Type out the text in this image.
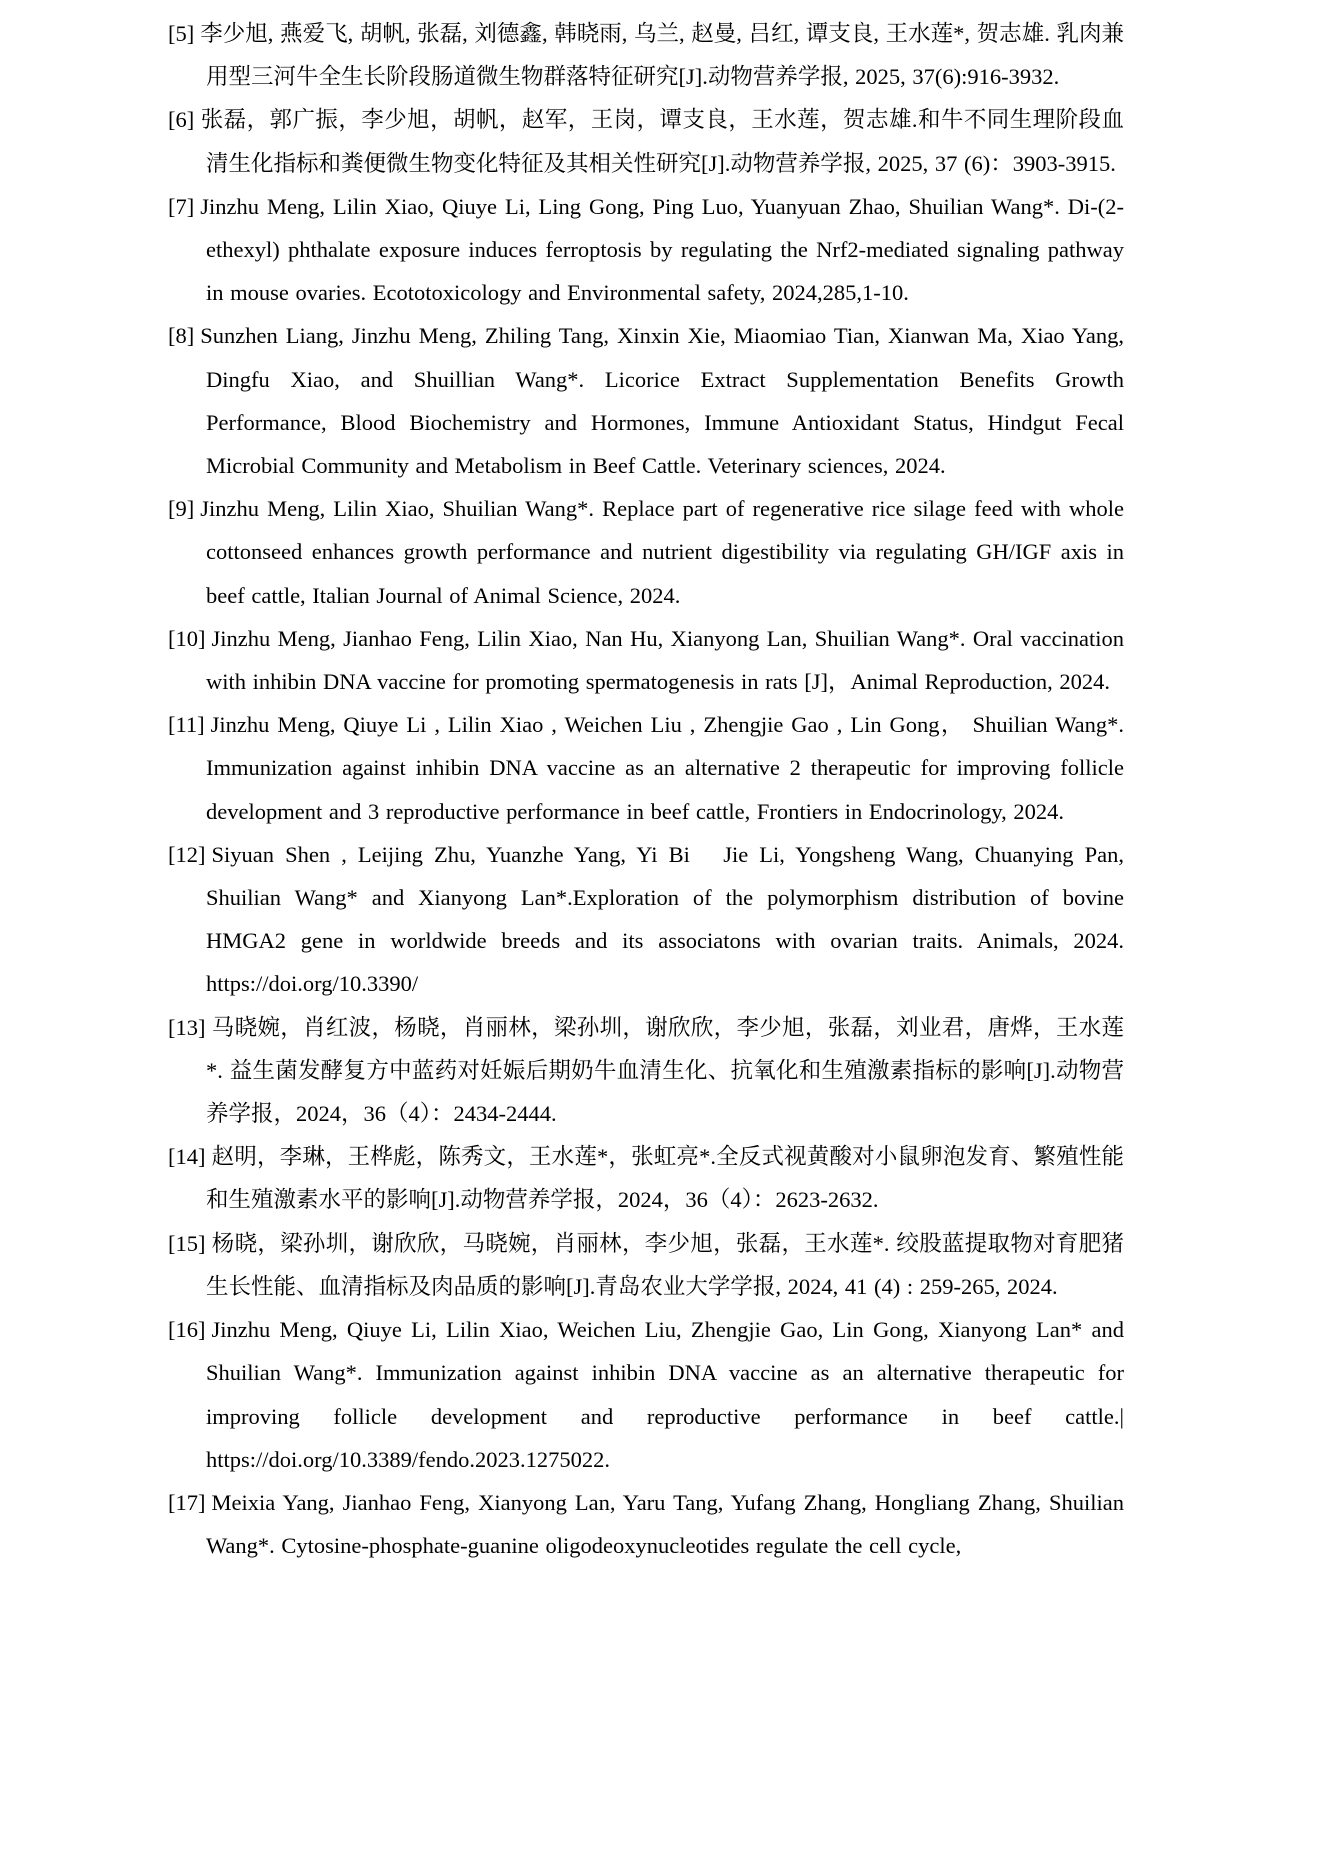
[5] 李少旭, 燕爱飞, 胡帆, 张磊, 刘德鑫, 韩晓雨, 乌兰, 赵曼, 吕红, 谭支良, 王水莲*, 贺志雄. 乳肉兼用型三河牛全生长阶段肠道微生物群落特征研究[J].动物营养学报, 2025, 37(6):916-3932.

[6] 张磊，郭广振，李少旭，胡帆，赵军，王岗，谭支良，王水莲，贺志雄.和牛不同生理阶段血清生化指标和粪便微生物变化特征及其相关性研究[J].动物营养学报, 2025, 37 (6)：3903-3915.

[7] Jinzhu Meng, Lilin Xiao, Qiuye Li, Ling Gong, Ping Luo, Yuanyuan Zhao, Shuilian Wang*. Di-(2-ethexyl) phthalate exposure induces ferroptosis by regulating the Nrf2-mediated signaling pathway in mouse ovaries. Ecototoxicology and Environmental safety, 2024,285,1-10.

[8] Sunzhen Liang, Jinzhu Meng, Zhiling Tang, Xinxin Xie, Miaomiao Tian, Xianwan Ma, Xiao Yang, Dingfu Xiao, and Shuillian Wang*. Licorice Extract Supplementation Benefits Growth Performance, Blood Biochemistry and Hormones, Immune Antioxidant Status, Hindgut Fecal Microbial Community and Metabolism in Beef Cattle. Veterinary sciences, 2024.

[9] Jinzhu Meng, Lilin Xiao, Shuilian Wang*. Replace part of regenerative rice silage feed with whole cottonseed enhances growth performance and nutrient digestibility via regulating GH/IGF axis in beef cattle, Italian Journal of Animal Science, 2024.

[10] Jinzhu Meng, Jianhao Feng, Lilin Xiao, Nan Hu, Xianyong Lan, Shuilian Wang*. Oral vaccination with inhibin DNA vaccine for promoting spermatogenesis in rats [J]，Animal Reproduction, 2024.

[11] Jinzhu Meng, Qiuye Li , Lilin Xiao , Weichen Liu , Zhengjie Gao , Lin Gong， Shuilian Wang*. Immunization against inhibin DNA vaccine as an alternative 2 therapeutic for improving follicle development and 3 reproductive performance in beef cattle, Frontiers in Endocrinology, 2024.

[12] Siyuan Shen , Leijing Zhu, Yuanzhe Yang, Yi Bi   Jie Li, Yongsheng Wang, Chuanying Pan, Shuilian Wang* and Xianyong Lan*.Exploration of the polymorphism distribution of bovine HMGA2 gene in worldwide breeds and its associatons with ovarian traits. Animals, 2024. https://doi.org/10.3390/

[13] 马晓婉，肖红波，杨晓，肖丽林，梁孙圳，谢欣欣，李少旭，张磊，刘业君，唐烨，王水莲*. 益生菌发酵复方中蓝药对妊娠后期奶牛血清生化、抗氧化和生殖激素指标的影响[J].动物营养学报，2024，36（4）：2434-2444.

[14] 赵明，李琳，王桦彪，陈秀文，王水莲*，张虹亮*.全反式视黄酸对小鼠卵泡发育、繁殖性能和生殖激素水平的影响[J].动物营养学报，2024，36（4）：2623-2632.

[15] 杨晓，梁孙圳，谢欣欣，马晓婉，肖丽林，李少旭，张磊，王水莲*. 绞股蓝提取物对育肥猪生长性能、血清指标及肉品质的影响[J].青岛农业大学学报, 2024, 41 (4) : 259-265, 2024.

[16] Jinzhu Meng, Qiuye Li, Lilin Xiao, Weichen Liu, Zhengjie Gao, Lin Gong, Xianyong Lan* and Shuilian Wang*. Immunization against inhibin DNA vaccine as an alternative therapeutic for improving follicle development and reproductive performance in beef cattle.| https://doi.org/10.3389/fendo.2023.1275022.

[17] Meixia Yang, Jianhao Feng, Xianyong Lan, Yaru Tang, Yufang Zhang, Hongliang Zhang, Shuilian Wang*. Cytosine-phosphate-guanine oligodeoxynucleotides regulate the cell cycle,
